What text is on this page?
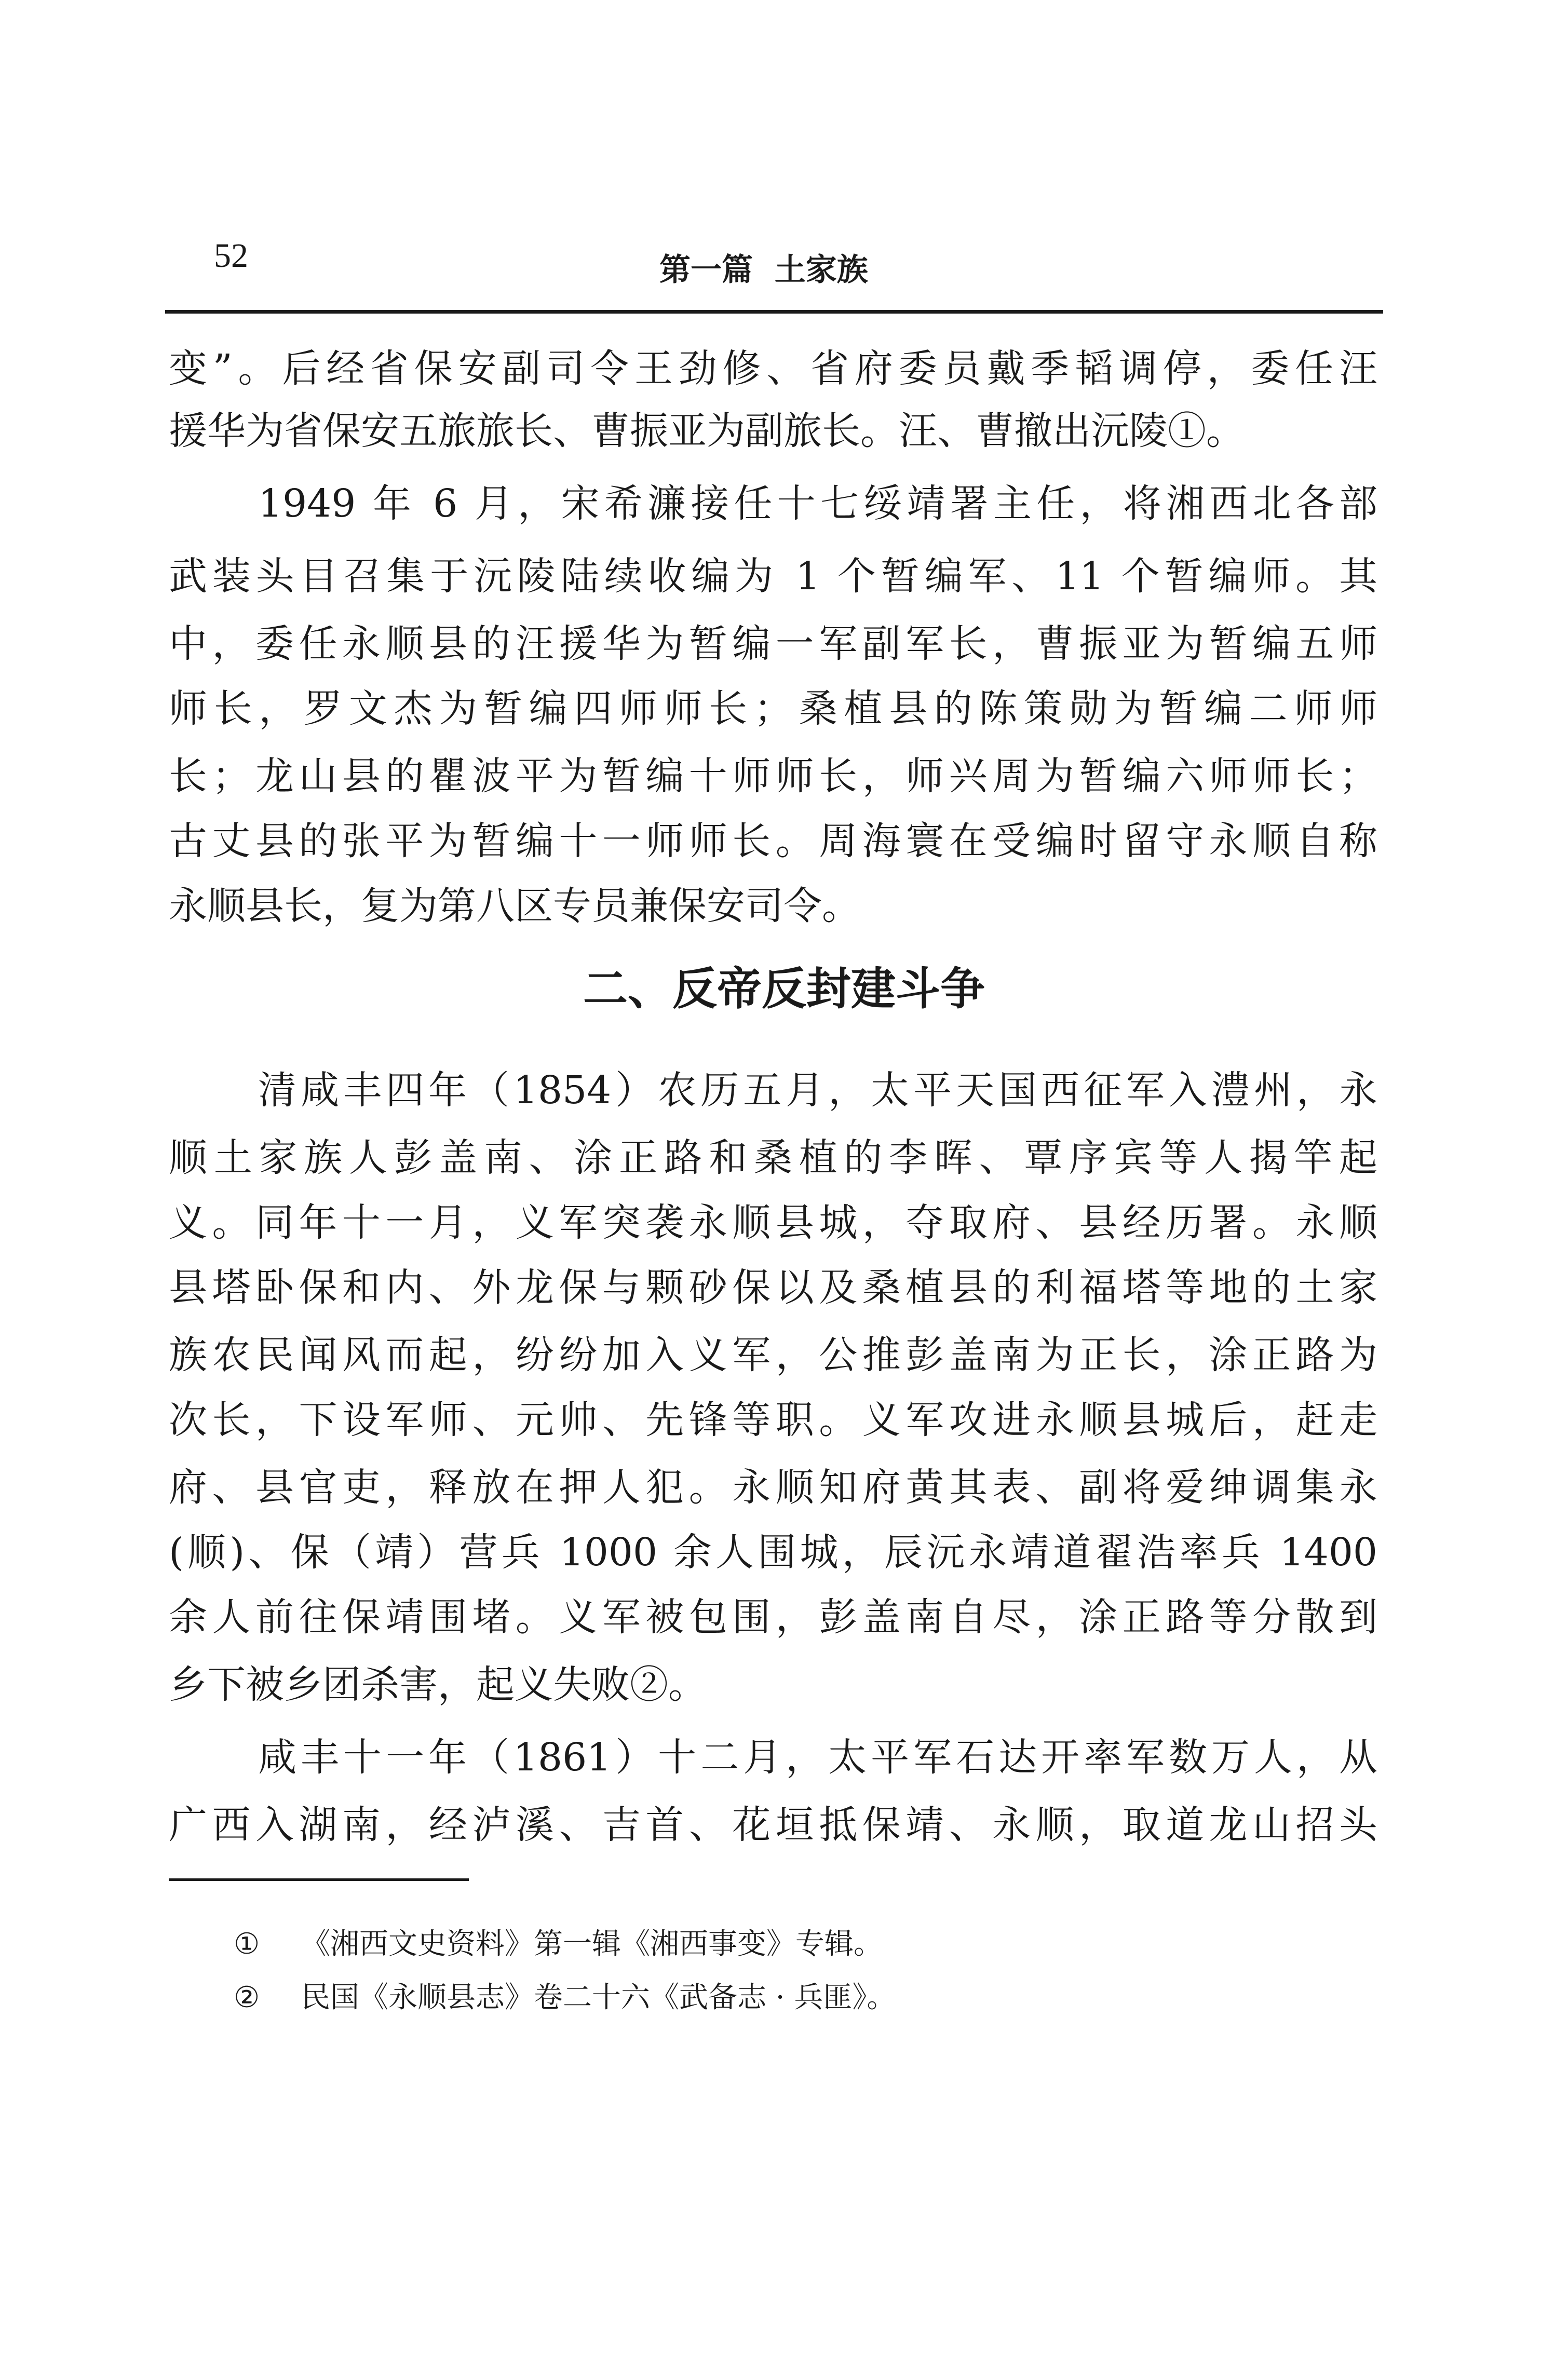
52	第一篇  土家族
变”。后经省保安副司令王劲修、省府委员戴季韬调停，委任汪
援华为省保安五旅旅长、曹振亚为副旅长。汪、曹撤出沅陵①。
1949 年 6 月，宋希濂接任十七绥靖署主任，将湘西北各部
武装头目召集于沅陵陆续收编为 1 个暂编军、11 个暂编师。其
中，委任永顺县的汪援华为暂编一军副军长，曹振亚为暂编五师
师长，罗文杰为暂编四师师长；桑植县的陈策勋为暂编二师师
长；龙山县的瞿波平为暂编十师师长，师兴周为暂编六师师长；
古丈县的张平为暂编十一师师长。周海寰在受编时留守永顺自称
永顺县长，复为第八区专员兼保安司令。
二、反帝反封建斗争
清咸丰四年（1854）农历五月，太平天国西征军入澧州，永
顺土家族人彭盖南、涂正路和桑植的李晖、覃序宾等人揭竿起
义。同年十一月，义军突袭永顺县城，夺取府、县经历署。永顺
县塔卧保和内、外龙保与颗砂保以及桑植县的利福塔等地的土家
族农民闻风而起，纷纷加入义军，公推彭盖南为正长，涂正路为
次长，下设军师、元帅、先锋等职。义军攻进永顺县城后，赶走
府、县官吏，释放在押人犯。永顺知府黄其表、副将爱绅调集永
(顺)、保（靖）营兵 1000 余人围城，辰沅永靖道翟浩率兵 1400
余人前往保靖围堵。义军被包围，彭盖南自尽，涂正路等分散到
乡下被乡团杀害，起义失败②。
咸丰十一年（1861）十二月，太平军石达开率军数万人，从
广西入湖南，经泸溪、吉首、花垣抵保靖、永顺，取道龙山招头
① 《湘西文史资料》第一辑《湘西事变》专辑。
② 民国《永顺县志》卷二十六《武备志 · 兵匪》。
